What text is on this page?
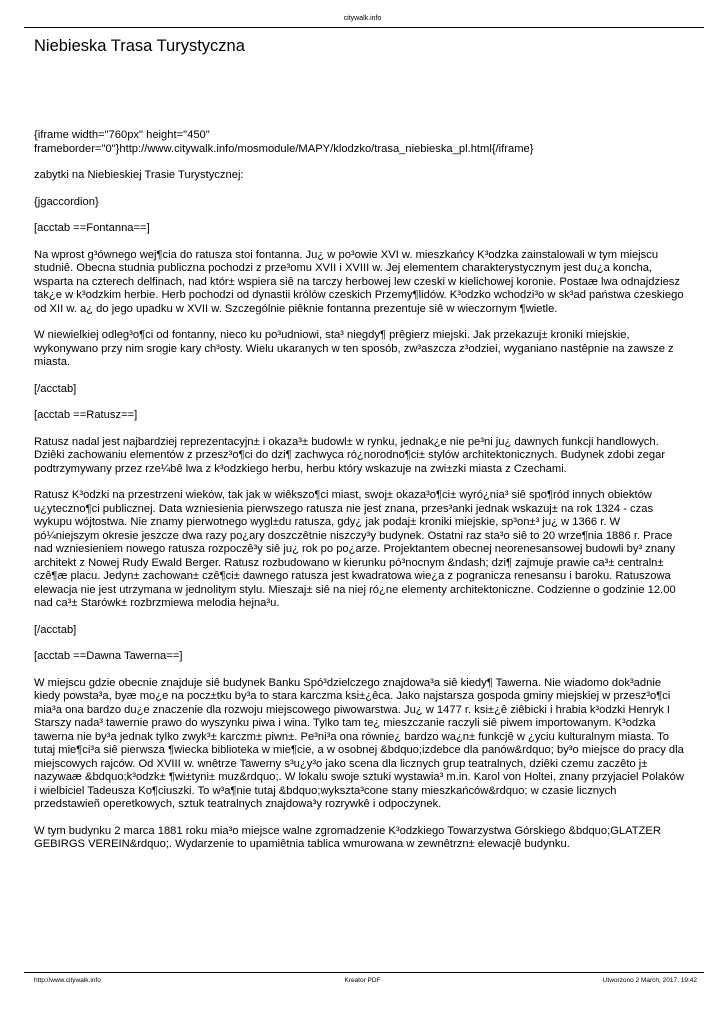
citywalk.info
Niebieska Trasa Turystyczna

{iframe width="760px" height="450" frameborder="0"}http://www.citywalk.info/mosmodule/MAPY/klodzko/trasa_niebieska_pl.html{/iframe}

zabytki na Niebieskiej Trasie Turystycznej:

{jgaccordion}

[acctab ==Fontanna==]

Na wprost g³ównego wej¶cia do ratusza stoi fontanna. Ju¿ w po³owie XVI w. mieszkańcy K³odzka zainstalowali w tym miejscu studniê. Obecna studnia publiczna pochodzi z prze³omu XVII i XVIII w. Jej elementem charakterystycznym jest du¿a koncha, wsparta na czterech delfinach, nad któr± wspiera siê na tarczy herbowej lew czeski w kielichowej koronie. Postaæ lwa odnajdziesz tak¿e w k³odzkim herbie. Herb pochodzi od dynastii królów czeskich Przemy¶lidów. K³odzko wchodzi³o w sk³ad państwa czeskiego od XII w. a¿ do jego upadku w XVII w. Szczególnie piêknie fontanna prezentuje siê w wieczornym ¶wietle.

W niewielkiej odleg³o¶ci od fontanny, nieco ku po³udniowi, sta³ niegdy¶ prêgierz miejski. Jak przekazuj± kroniki miejskie, wykonywano przy nim srogie kary ch³osty. Wielu ukaranych w ten sposób, zw³aszcza z³odziei, wyganiano nastêpnie na zawsze z miasta.

[/acctab]

[acctab ==Ratusz==]

Ratusz nadal jest najbardziej reprezentacyjn± i okaza³± budowl± w rynku, jednak¿e nie pe³ni ju¿ dawnych funkcji handlowych. Dziêki zachowaniu elementów z przesz³o¶ci do dzi¶ zachwyca ró¿norodno¶ci± stylów architektonicznych. Budynek zdobi zegar podtrzymywany przez rze¼bê lwa z k³odzkiego herbu, herbu który wskazuje na zwi±zki miasta z Czechami.

Ratusz K³odzki na przestrzeni wieków, tak jak w wiêkszo¶ci miast, swoj± okaza³o¶ci± wyró¿nia³ siê spo¶ród innych obiektów u¿yteczno¶ci publicznej. Data wzniesienia pierwszego ratusza nie jest znana, przes³anki jednak wskazuj± na rok 1324 - czas wykupu wójtostwa. Nie znamy pierwotnego wygl±du ratusza, gdy¿ jak podaj± kroniki miejskie, sp³on±³ ju¿ w 1366 r. W pó¼niejszym okresie jeszcze dwa razy po¿ary doszczêtnie niszczy³y budynek. Ostatni raz sta³o siê to 20 wrze¶nia 1886 r. Prace nad wzniesieniem nowego ratusza rozpoczê³y siê ju¿ rok po po¿arze. Projektantem obecnej neorenesansowej budowli by³ znany architekt z Nowej Rudy Ewald Berger. Ratusz rozbudowano w kierunku pó³nocnym &ndash; dzi¶ zajmuje prawie ca³± centraln± czê¶æ placu. Jedyn± zachowan± czê¶ci± dawnego ratusza jest kwadratowa wie¿a z pogranicza renesansu i baroku. Ratuszowa elewacja nie jest utrzymana w jednolitym stylu. Mieszaj± siê na niej ró¿ne elementy architektoniczne. Codzienne o godzinie 12.00 nad ca³± Starówk± rozbrzmiewa melodia hejna³u.

[/acctab]

[acctab ==Dawna Tawerna==]

W miejscu gdzie obecnie znajduje siê budynek Banku Spó³dzielczego znajdowa³a siê kiedy¶ Tawerna. Nie wiadomo dok³adnie kiedy powsta³a, byæ mo¿e na pocz±tku by³a to stara karczma ksi±¿êca. Jako najstarsza gospoda gminy miejskiej w przesz³o¶ci mia³a ona bardzo du¿e znaczenie dla rozwoju miejscowego piwowarstwa. Ju¿ w 1477 r. ksi±¿ê ziêbicki i hrabia k³odzki Henryk I Starszy nada³ tawernie prawo do wyszynku piwa i wina. Tylko tam te¿ mieszczanie raczyli siê piwem importowanym. K³odzka tawerna nie by³a jednak tylko zwyk³± karczm± piwn±. Pe³ni³a ona równie¿ bardzo wa¿n± funkcjê w ¿yciu kulturalnym miasta. To tutaj mie¶ci³a siê pierwsza ¶wiecka biblioteka w mie¶cie, a w osobnej &bdquo;izdebce dla panów&rdquo; by³o miejsce do pracy dla miejscowych rajców. Od XVIII w. wnêtrze Tawerny s³u¿y³o jako scena dla licznych grup teatralnych, dziêki czemu zaczêto j± nazywaæ &bdquo;k³odzk± ¶wi±tyni± muz&rdquo;. W lokalu swoje sztuki wystawia³ m.in. Karol von Holtei, znany przyjaciel Polaków i wielbiciel Tadeusza Ko¶ciuszki. To w³a¶nie tutaj &bdquo;wykszta³cone stany mieszkańców&rdquo; w czasie licznych przedstawieñ operetkowych, sztuk teatralnych znajdowa³y rozrywkê i odpoczynek.

W tym budynku 2 marca 1881 roku mia³o miejsce walne zgromadzenie K³odzkiego Towarzystwa Górskiego &bdquo;GLATZER GEBIRGS VEREIN&rdquo;. Wydarzenie to upamiêtnia tablica wmurowana w zewnêtrzn± elewacjê budynku.

http://www.citywalk.info	Kreator PDF	Utworzono 2 March, 2017, 19:42
